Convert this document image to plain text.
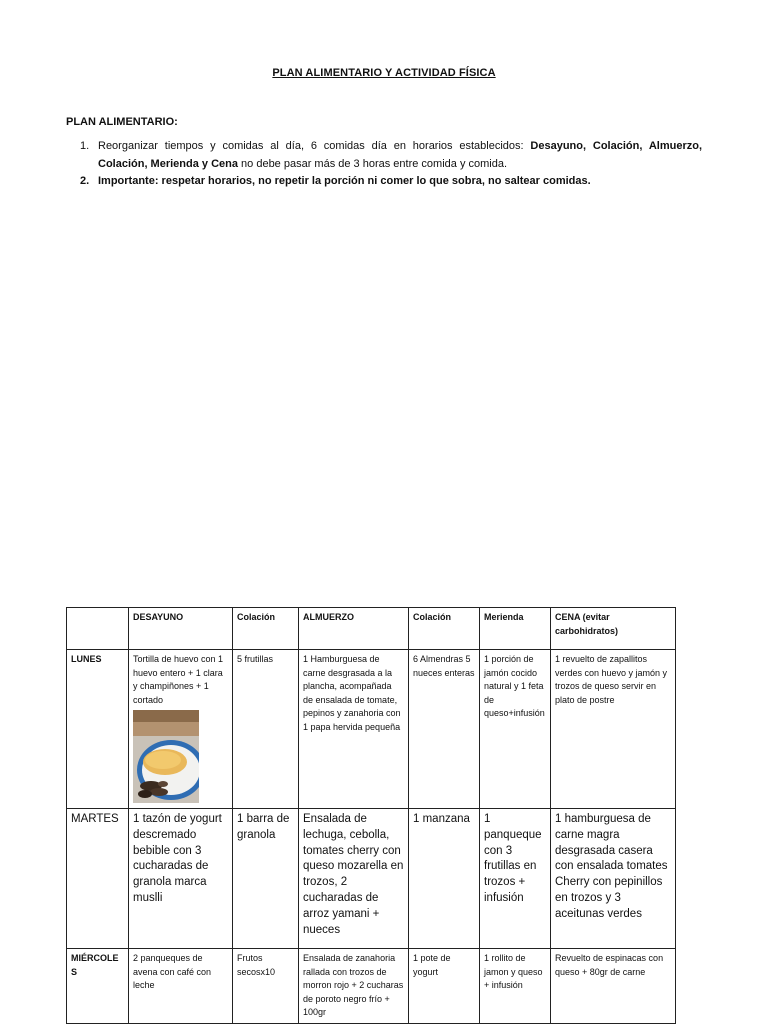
PLAN ALIMENTARIO Y ACTIVIDAD FÍSICA
PLAN ALIMENTARIO:
1. Reorganizar tiempos y comidas al día, 6 comidas día en horarios establecidos: Desayuno, Colación, Almuerzo,
Colación, Merienda y Cena no debe pasar más de 3 horas entre comida y comida.
2. Importante: respetar horarios, no repetir la porción ni comer lo que sobra, no saltear comidas.
	DESAYUNO	Colación	ALMUERZO	Colación	Merienda	CENA (evitar carbohidratos)
LUNES	Tortilla de huevo con 1 huevo entero + 1 clara y champiñones + 1 cortado	5 frutillas	1 Hamburguesa de carne desgrasada a la plancha, acompañada de ensalada de tomate, pepinos y zanahoria con 1 papa hervida pequeña	6 Almendras 5 nueces enteras	1 porción de jamón cocido natural y 1 feta de queso+infusión	1 revuelto de zapallitos verdes con huevo y jamón y trozos de queso servir en plato de postre
MARTES	1 tazón de yogurt descremado bebible con 3 cucharadas de granola marca muslli	1 barra de granola	Ensalada de lechuga, cebolla, tomates cherry con queso mozarella en trozos, 2 cucharadas de arroz yamani + nueces	1 manzana	1 panqueque con 3 frutillas en trozos + infusión	1 hamburguesa de carne magra desgrasada casera con ensalada tomates Cherry con pepinillos en trozos y 3 aceitunas verdes
MIÉRCOLES	2 panqueques de avena con café con leche	Frutos secosx10	Ensalada de zanahoria rallada con trozos de morron rojo + 2 cucharas de poroto negro frío + 100gr	1 pote de yogurt	1 rollito de jamon y queso + infusión	Revuelto de espinacas con queso + 80gr de carne
